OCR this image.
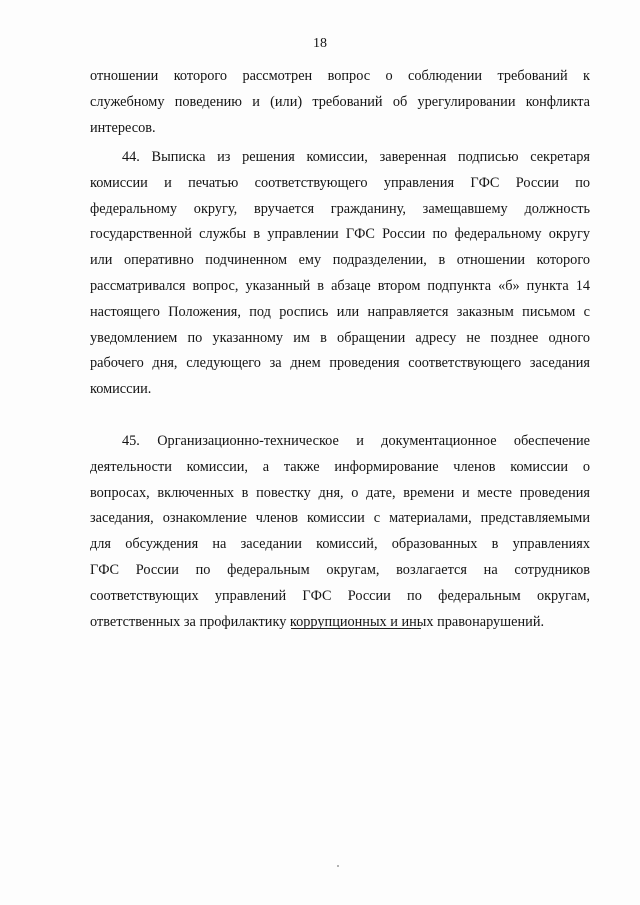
18
отношении которого рассмотрен вопрос о соблюдении требований к
служебному поведению и (или) требований об урегулировании конфликта
интересов.
44. Выписка из решения комиссии, заверенная подписью секретаря
комиссии и печатью соответствующего управления ГФС России по
федеральному округу, вручается гражданину, замещавшему должность
государственной службы в управлении ГФС России по федеральному округу
или оперативно подчиненном ему подразделении, в отношении которого
рассматривался вопрос, указанный в абзаце втором подпункта «б» пункта 14
настоящего Положения, под роспись или направляется заказным письмом с
уведомлением по указанному им в обращении адресу не позднее одного
рабочего дня, следующего за днем проведения соответствующего заседания
комиссии.
45. Организационно-техническое и документационное обеспечение
деятельности комиссии, а также информирование членов комиссии о
вопросах, включенных в повестку дня, о дате, времени и месте проведения
заседания, ознакомление членов комиссии с материалами, представляемыми
для обсуждения на заседании комиссий, образованных в управлениях
ГФС России по федеральным округам, возлагается на сотрудников
соответствующих управлений ГФС России по федеральным округам,
ответственных за профилактику коррупционных и иных правонарушений.
